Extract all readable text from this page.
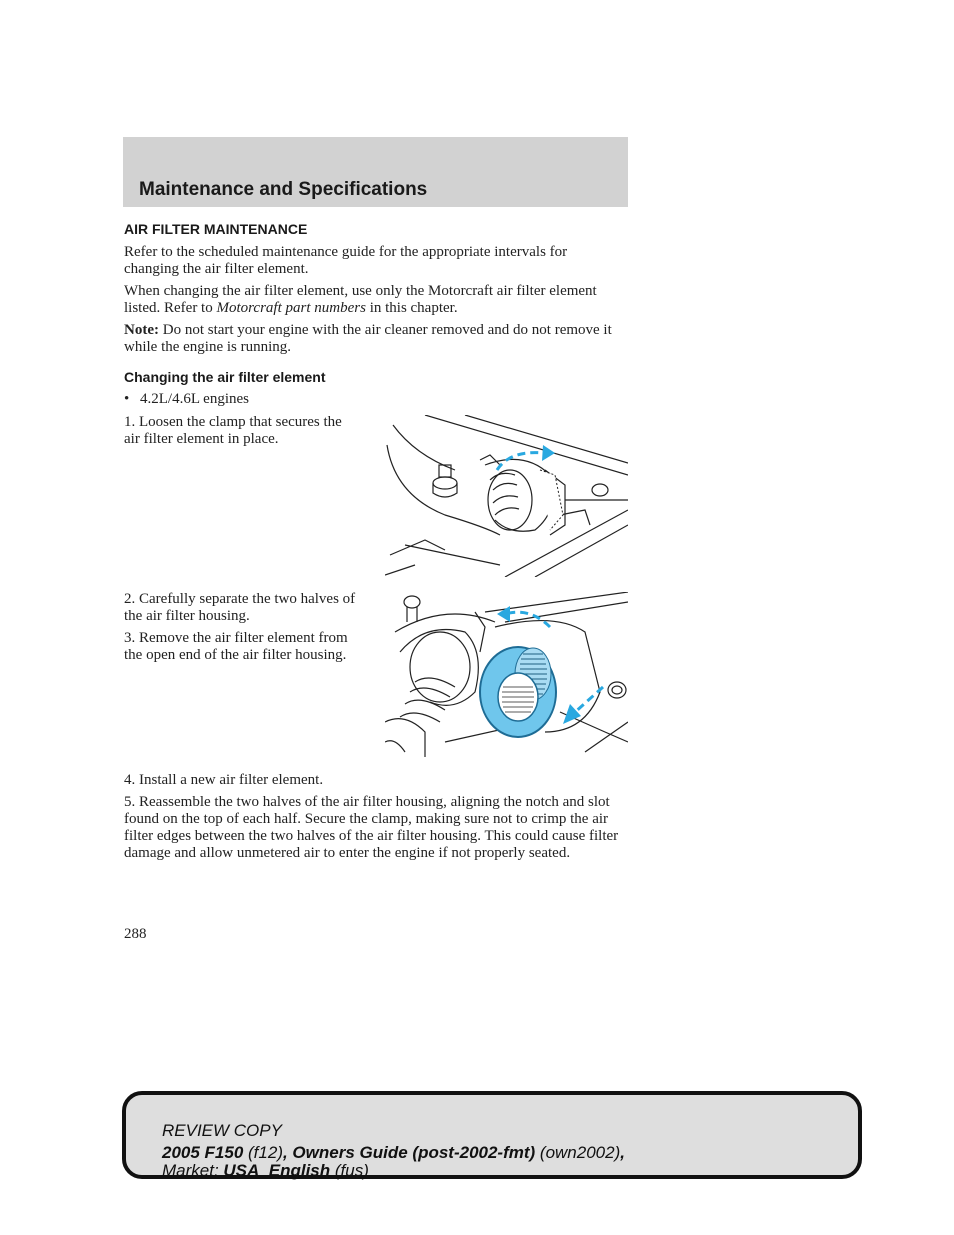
Maintenance and Specifications
AIR FILTER MAINTENANCE

Refer to the scheduled maintenance guide for the appropriate intervals for changing the air filter element.

When changing the air filter element, use only the Motorcraft air filter element listed. Refer to Motorcraft part numbers in this chapter.

Note: Do not start your engine with the air cleaner removed and do not remove it while the engine is running.

Changing the air filter element
• 4.2L/4.6L engines

1. Loosen the clamp that secures the air filter element in place.

2. Carefully separate the two halves of the air filter housing.

3. Remove the air filter element from the open end of the air filter housing.

4. Install a new air filter element.

5. Reassemble the two halves of the air filter housing, aligning the notch and slot found on the top of each half. Secure the clamp, making sure not to crimp the air filter edges between the two halves of the air filter housing. This could cause filter damage and allow unmetered air to enter the engine if not properly seated.

288
REVIEW COPY
2005 F150 (f12), Owners Guide (post-2002-fmt) (own2002),
Market: USA_English (fus)
